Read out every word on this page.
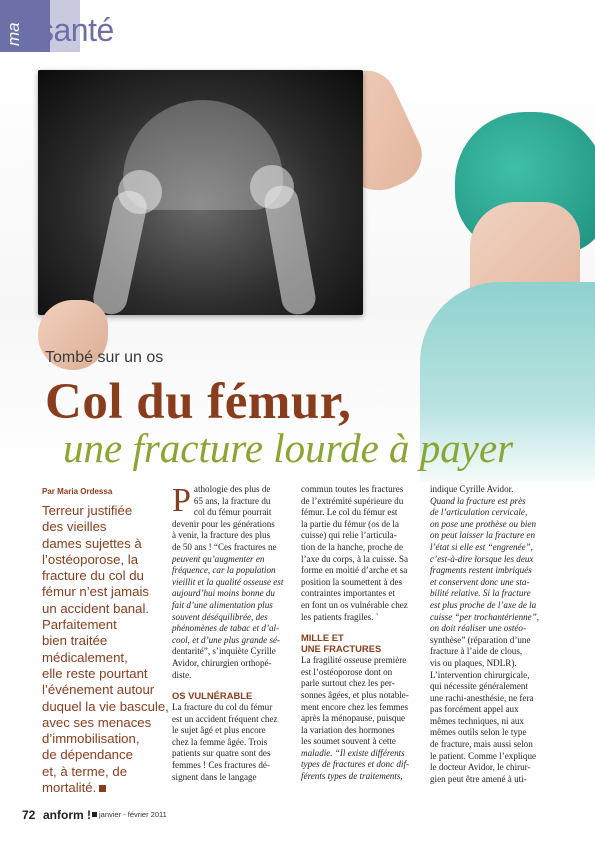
ma santé
Tombé sur un os
Col du fémur,
une fracture lourde à payer
Par Maria Ordessa
Terreur justifiée
des vieilles
dames sujettes à
l’ostéoporose, la
fracture du col du
fémur n’est jamais
un accident banal.
Parfaitement
bien traitée
médicalement,
elle reste pourtant
l’événement autour
duquel la vie bascule,
avec ses menaces
d’immobilisation,
de dépendance
et, à terme, de
mortalité.
P athologie des plus de
65 ans, la fracture du
col du fémur pourrait
devenir pour les générations
à venir, la fracture des plus
de 50 ans ! “Ces fractures ne
peuvent qu’augmenter en
fréquence, car la population
vieillit et la qualité osseuse est
aujourd’hui moins bonne du
fait d’une alimentation plus
souvent déséquilibrée, des
phénomènes de tabac et d’al-
cool, et d’une plus grande sé-
dentarité”, s’inquiète Cyrille
Avidor, chirurgien orthopé-
diste.
OS VULNÉRABLE
La fracture du col du fémur
est un accident fréquent chez
le sujet âgé et plus encore
chez la femme âgée. Trois
patients sur quatre sont des
femmes ! Ces fractures dé-
signent dans le langage
commun toutes les fractures
de l’extrémité supérieure du
fémur. Le col du fémur est
la partie du fémur (os de la
cuisse) qui relie l’articula-
tion de la hanche, proche de
l’axe du corps, à la cuisse. Sa
forme en moitié d’arche et sa
position la soumettent à des
contraintes importantes et
en font un os vulnérable chez
les patients fragiles. `
MILLE ET
UNE FRACTURES
La fragilité osseuse première
est l’ostéoporose dont on
parle surtout chez les per-
sonnes âgées, et plus notable-
ment encore chez les femmes
après la ménopause, puisque
la variation des hormones
les soumet souvent à cette
maladie. “Il existe différents
types de fractures et donc dif-
férents types de traitements,
indique Cyrille Avidor.
Quand la fracture est près
de l’articulation cervicale,
on pose une prothèse ou bien
on peut laisser la fracture en
l’état si elle est “engrenée”,
c’est-à-dire lorsque les deux
fragments restent imbriqués
et conservent donc une sta-
bilité relative. Si la fracture
est plus proche de l’axe de la
cuisse “per trochantérienne”,
on doit réaliser une ostéo-
synthèse” (réparation d’une
fracture à l’aide de clous,
vis ou plaques, NDLR).
L’intervention chirurgicale,
qui nécessite généralement
une rachi-anesthésie, ne fera
pas forcément appel aux
mêmes techniques, ni aux
mêmes outils selon le type
de fracture, mais aussi selon
le patient. Comme l’explique
le docteur Avidor, le chirur-
gien peut être amené à uti-
72 anform ! janvier - février 2011
